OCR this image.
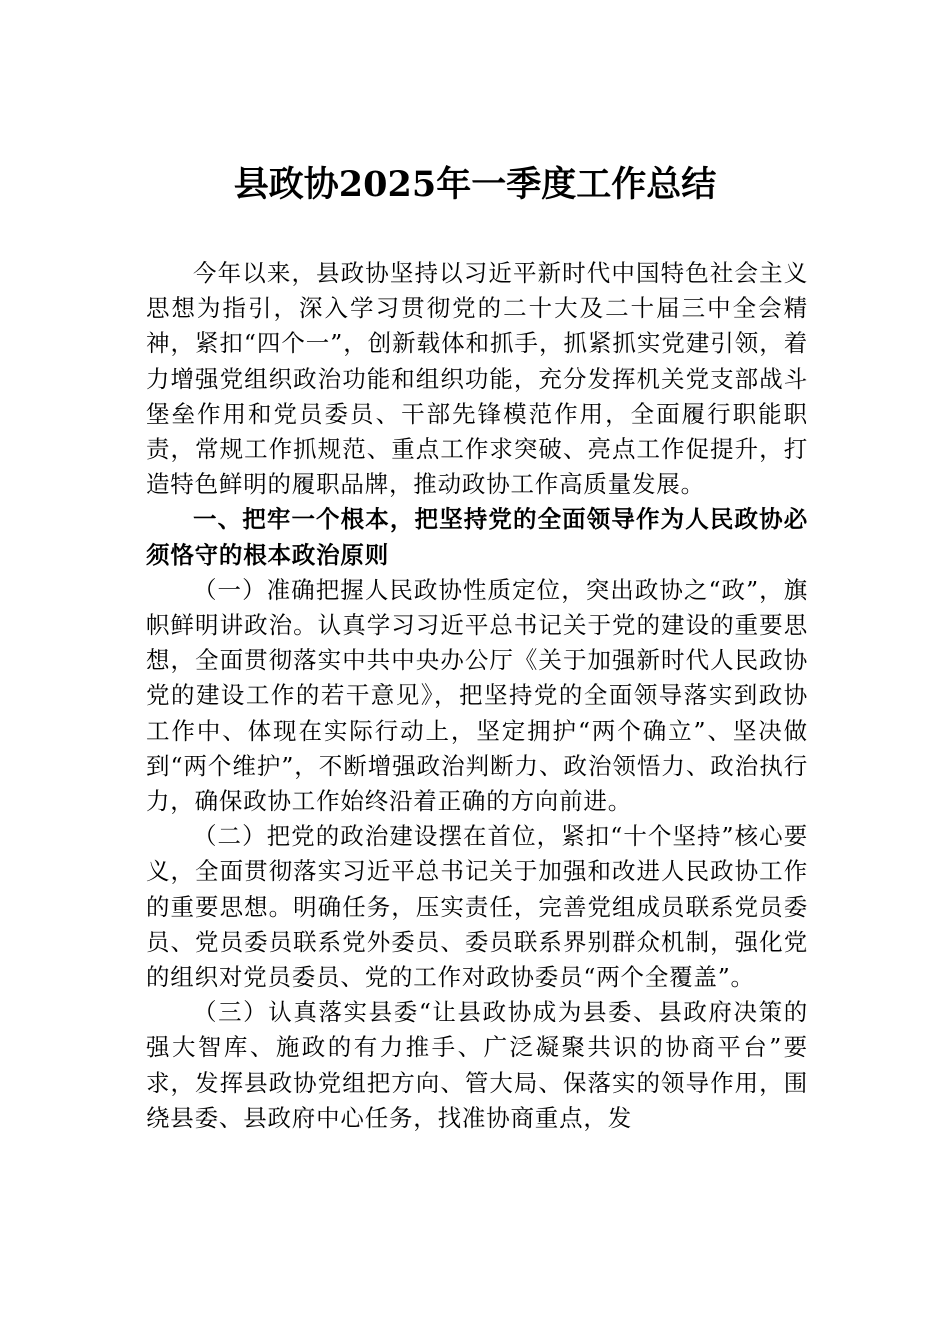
县政协2025年一季度工作总结

今年以来，县政协坚持以习近平新时代中国特色社会主义思想为指引，深入学习贯彻党的二十大及二十届三中全会精神，紧扣“四个一”，创新载体和抓手，抓紧抓实党建引领，着力增强党组织政治功能和组织功能，充分发挥机关党支部战斗堡垒作用和党员委员、干部先锋模范作用，全面履行职能职责，常规工作抓规范、重点工作求突破、亮点工作促提升，打造特色鲜明的履职品牌，推动政协工作高质量发展。

一、把牢一个根本，把坚持党的全面领导作为人民政协必须恪守的根本政治原则

（一）准确把握人民政协性质定位，突出政协之“政”，旗帜鲜明讲政治。认真学习习近平总书记关于党的建设的重要思想，全面贯彻落实中共中央办公厅《关于加强新时代人民政协党的建设工作的若干意见》，把坚持党的全面领导落实到政协工作中、体现在实际行动上，坚定拥护“两个确立”、坚决做到“两个维护”，不断增强政治判断力、政治领悟力、政治执行力，确保政协工作始终沿着正确的方向前进。

（二）把党的政治建设摆在首位，紧扣“十个坚持”核心要义，全面贯彻落实习近平总书记关于加强和改进人民政协工作的重要思想。明确任务，压实责任，完善党组成员联系党员委员、党员委员联系党外委员、委员联系界别群众机制，强化党的组织对党员委员、党的工作对政协委员“两个全覆盖”。

（三）认真落实县委“让县政协成为县委、县政府决策的强大智库、施政的有力推手、广泛凝聚共识的协商平台”要求，发挥县政协党组把方向、管大局、保落实的领导作用，围绕县委、县政府中心任务，找准协商重点，发
